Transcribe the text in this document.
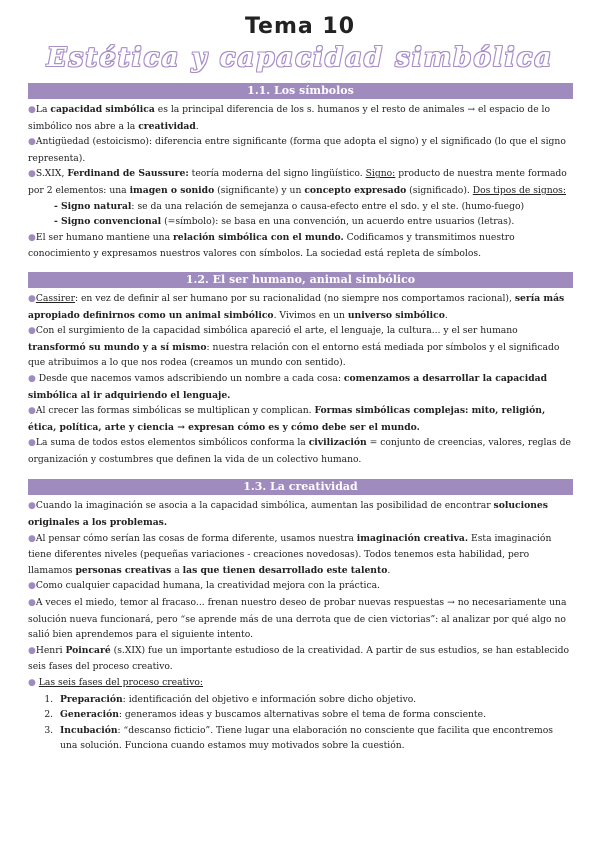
Tema 10
Estética y capacidad simbólica
1.1. Los símbolos

●La capacidad simbólica es la principal diferencia de los s. humanos y el resto de animales → el espacio de lo simbólico nos abre a la creatividad.

●Antigüedad (estoicismo): diferencia entre significante (forma que adopta el signo) y el significado (lo que el signo representa).

●S.XIX, Ferdinand de Saussure: teoría moderna del signo lingüístico. Signo: producto de nuestra mente formado por 2 elementos: una imagen o sonido (significante) y un concepto expresado (significado). Dos tipos de signos:

- Signo natural: se da una relación de semejanza o causa-efecto entre el sdo. y el ste. (humo-fuego)

- Signo convencional (=símbolo): se basa en una convención, un acuerdo entre usuarios (letras).

●El ser humano mantiene una relación simbólica con el mundo. Codificamos y transmitimos nuestro conocimiento y expresamos nuestros valores con símbolos. La sociedad está repleta de símbolos.

1.2. El ser humano, animal simbólico

●Cassirer: en vez de definir al ser humano por su racionalidad (no siempre nos comportamos racional), sería más apropiado definirnos como un animal simbólico. Vivimos en un universo simbólico.

●Con el surgimiento de la capacidad simbólica apareció el arte, el lenguaje, la cultura... y el ser humano transformó su mundo y a sí mismo: nuestra relación con el entorno está mediada por símbolos y el significado que atribuimos a lo que nos rodea (creamos un mundo con sentido).

● Desde que nacemos vamos adscribiendo un nombre a cada cosa: comenzamos a desarrollar la capacidad simbólica al ir adquiriendo el lenguaje.

●Al crecer las formas simbólicas se multiplican y complican. Formas simbólicas complejas: mito, religión, ética, política, arte y ciencia → expresan cómo es y cómo debe ser el mundo.

●La suma de todos estos elementos simbólicos conforma la civilización = conjunto de creencias, valores, reglas de organización y costumbres que definen la vida de un colectivo humano.

1.3. La creatividad

●Cuando la imaginación se asocia a la capacidad simbólica, aumentan las posibilidad de encontrar soluciones originales a los problemas.

●Al pensar cómo serían las cosas de forma diferente, usamos nuestra imaginación creativa. Esta imaginación tiene diferentes niveles (pequeñas variaciones - creaciones novedosas). Todos tenemos esta habilidad, pero llamamos personas creativas a las que tienen desarrollado este talento.

●Como cualquier capacidad humana, la creatividad mejora con la práctica.

●A veces el miedo, temor al fracaso... frenan nuestro deseo de probar nuevas respuestas → no necesariamente una solución nueva funcionará, pero “se aprende más de una derrota que de cien victorias”: al analizar por qué algo no salió bien aprendemos para el siguiente intento.

●Henri Poincaré (s.XIX) fue un importante estudioso de la creatividad. A partir de sus estudios, se han establecido seis fases del proceso creativo.

● Las seis fases del proceso creativo:

1. Preparación: identificación del objetivo e información sobre dicho objetivo.
2. Generación: generamos ideas y buscamos alternativas sobre el tema de forma consciente.
3. Incubación: “descanso ficticio”. Tiene lugar una elaboración no consciente que facilita que encontremos una solución. Funciona cuando estamos muy motivados sobre la cuestión.
